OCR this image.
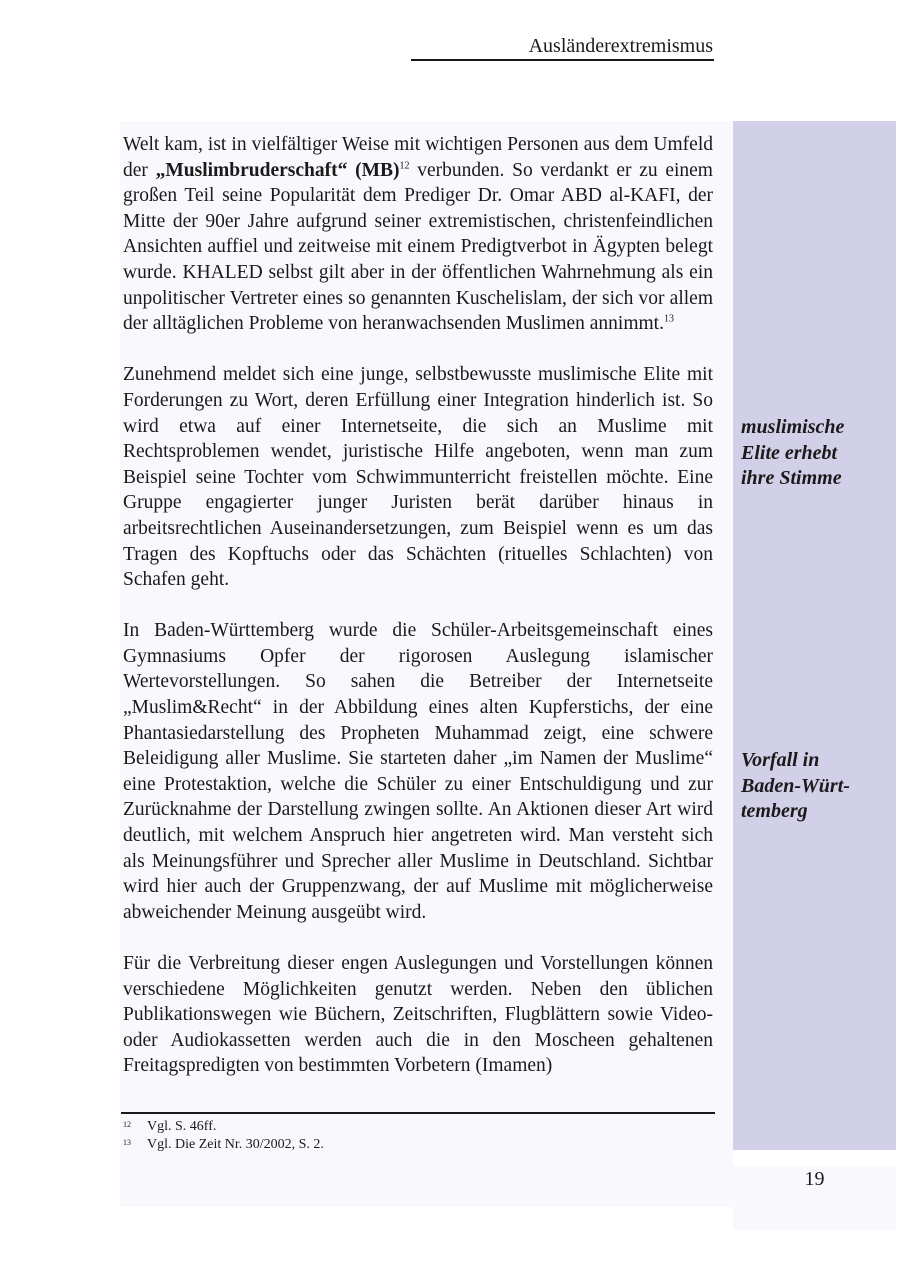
Ausländerextremismus

Welt kam, ist in vielfältiger Weise mit wichtigen Personen aus dem Umfeld der „Muslimbruderschaft“ (MB)$^{12}$ verbunden. So verdankt er zu einem großen Teil seine Popularität dem Prediger Dr. Omar ABD al-KAFI, der Mitte der 90er Jahre aufgrund seiner extremistischen, christenfeindlichen Ansichten auffiel und zeitweise mit einem Predigtverbot in Ägypten belegt wurde. KHALED selbst gilt aber in der öffentlichen Wahrnehmung als ein unpolitischer Vertreter eines so genannten Kuschelislam, der sich vor allem der alltäglichen Probleme von heranwachsenden Muslimen annimmt.$^{13}$

Zunehmend meldet sich eine junge, selbstbewusste muslimische Elite mit Forderungen zu Wort, deren Erfüllung einer Integration hinderlich ist. So wird etwa auf einer Internetseite, die sich an Muslime mit Rechtsproblemen wendet, juristische Hilfe angeboten, wenn man zum Beispiel seine Tochter vom Schwimmunterricht freistellen möchte. Eine Gruppe engagierter junger Juristen berät darüber hinaus in arbeitsrechtlichen Auseinandersetzungen, zum Beispiel wenn es um das Tragen des Kopftuchs oder das Schächten (rituelles Schlachten) von Schafen geht.

In Baden-Württemberg wurde die Schüler-Arbeitsgemeinschaft eines Gymnasiums Opfer der rigorosen Auslegung islamischer Wertevorstellungen. So sahen die Betreiber der Internetseite „Muslim&Recht“ in der Abbildung eines alten Kupferstichs, der eine Phantasiedarstellung des Propheten Muhammad zeigt, eine schwere Beleidigung aller Muslime. Sie starteten daher „im Namen der Muslime“ eine Protestaktion, welche die Schüler zu einer Entschuldigung und zur Zurücknahme der Darstellung zwingen sollte. An Aktionen dieser Art wird deutlich, mit welchem Anspruch hier angetreten wird. Man versteht sich als Meinungsführer und Sprecher aller Muslime in Deutschland. Sichtbar wird hier auch der Gruppenzwang, der auf Muslime mit möglicherweise abweichender Meinung ausgeübt wird.

Für die Verbreitung dieser engen Auslegungen und Vorstellungen können verschiedene Möglichkeiten genutzt werden. Neben den üblichen Publikationswegen wie Büchern, Zeitschriften, Flugblättern sowie Video- oder Audiokassetten werden auch die in den Moscheen gehaltenen Freitagspredigten von bestimmten Vorbetern (Imamen)

muslimische
Elite erhebt
ihre Stimme
Vorfall in
Baden-Würt-
temberg
12	Vgl. S. 46ff.
13	Vgl. Die Zeit Nr. 30/2002, S. 2.
19
